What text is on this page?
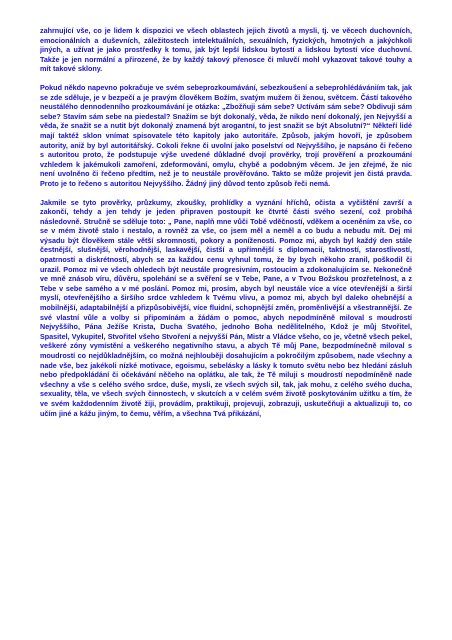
zahrnující vše, co je lidem k dispozici ve všech oblastech jejich životů a mysli, tj. ve věcech duchovních, emocionálních a duševních, záležitostech intelektuálních, sexuálních, fyzických, hmotných a jakýchkoli jiných, a užívat je jako prostředky k tomu, jak být lepší lidskou bytostí a lidskou bytostí více duchovní. Takže je jen normální a přirozené, že by každý takový přenosce či mluvčí mohl vykazovat takové touhy a mít takové sklony.

Pokud někdo napevno pokračuje ve svém sebeprozkoumávání, sebezkoušení a sebeprohlédávániím tak, jak se zde sděluje, je v bezpečí a je pravým člověkem Božím, svatým mužem či ženou, světcem. Částí takového neustálého dennodenního prozkoumávání je otázka: „Zbožňuji sám sebe? Uctívám sám sebe? Obdivuji sám sebe? Stavím sám sebe na piedestal? Snažím se být dokonalý, věda, že nikdo není dokonalý, jen Nejvyšší a věda, že snažit se a nutit být dokonalý znamená být arogantní, to jest snažit se být Absolutní?“ Někteří lidé mají taktéž sklon vnímat spisovatele této kapitoly jako autoritáře. Způsob, jakým hovoří, je způsobem autority, aniž by byl autoritářský. Cokoli řekne či uvolní jako poselství od Nejvyššího, je napsáno či řečeno s autoritou proto, že podstupuje výše uvedené důkladné dvojí prověrky, trojí prověření a prozkoumání vzhledem k jakémukoli zamoření, zdeformování, omylu, chybě a podobným věcem. Je jen zřejmé, že nic není uvolněno či řečeno předtím, než je to neustále prověřováno. Takto se může projevit jen čistá pravda. Proto je to řečeno s autoritou Nejvyššího. Žádný jiný důvod tento způsob řeči nemá.

Jakmile se tyto prověrky, průzkumy, zkoušky, prohlídky a vyznání hříchů, očista a vyčištění završí a zakončí, tehdy a jen tehdy je jeden připraven postoupit ke čtvrté části svého sezení, což probíhá následovně. Stručně se sděluje toto: „ Pane, naplň mne vůči Tobě vděčností, vděkem a oceněním za vše, co se v mém životě stalo i nestalo, a rovněž za vše, co jsem měl a neměl a co budu a nebudu mít. Dej mi výsadu být člověkem stále větší skromnosti, pokory a poníženosti. Pomoz mi, abych byl každý den stále čestnější, slušnější, věrohodnější, laskavější, čistší a upřímnější s diplomacií, taktností, starostlivostí, opatrností a diskrétností, abych se za každou cenu vyhnul tomu, že by bych někoho zranil, poškodil či urazil. Pomoz mi ve všech ohledech být neustále progresivním, rostoucím a zdokonalujícím se. Nekonečně ve mně znásob víru, důvěru, spolehání se a svěření se v Tebe, Pane, a v Tvou Božskou prozřetelnost, a z Tebe v sebe samého a v mé poslání. Pomoz mi, prosím, abych byl neustále více a více otevřenější a širší myslí, otevřenějšího a širšího srdce vzhledem k Tvému vlivu, a pomoz mi, abych byl daleko ohebnější a mobilnější, adaptabilnější a přizpůsobivější, více fluidní, schopnější změn, proměnlivější a všestrannější. Ze své vlastní vůle a volby si připomínám a žádám o pomoc, abych nepodmíněně miloval s moudrostí Nejvyššího, Pána Ježíše Krista, Ducha Svatého, jednoho Boha nedělitelného, Kdož je můj Stvořitel, Spasitel, Vykupitel, Stvořitel všeho Stvoření a nejvyšší Pán, Mistr a Vládce všeho, co je, včetně všech pekel, veškeré zóny vymístění a veškerého negativního stavu, a abych Tě můj Pane, bezpodmínečně miloval s moudrostí co nejdůkladnějším, co možná nejhlouběji dosahujícím a pokročilým způsobem, nade všechny a nade vše, bez jakékoli nízké motivace, egoismu, sebelásky a lásky k tomuto světu nebo bez hledání zásluh nebo předpokládání či očekávání něčeho na oplátku, ale tak, že Tě miluji s moudrostí nepodmíněně nade všechny a vše s celého svého srdce, duše, mysli, ze všech svých sil, tak, jak mohu, z celého svého ducha, sexuality, těla, ve všech svých činnostech, v skutcích a v celém svém životě poskytováním užitku a tím, že ve svém každodenním životě žiji, provádím, praktikuji, projevuji, zobrazuji, uskutečňuji a aktualizuji to, co učím jiné a kážu jiným, to čemu, věřím, a všechna Tvá přikázání,
